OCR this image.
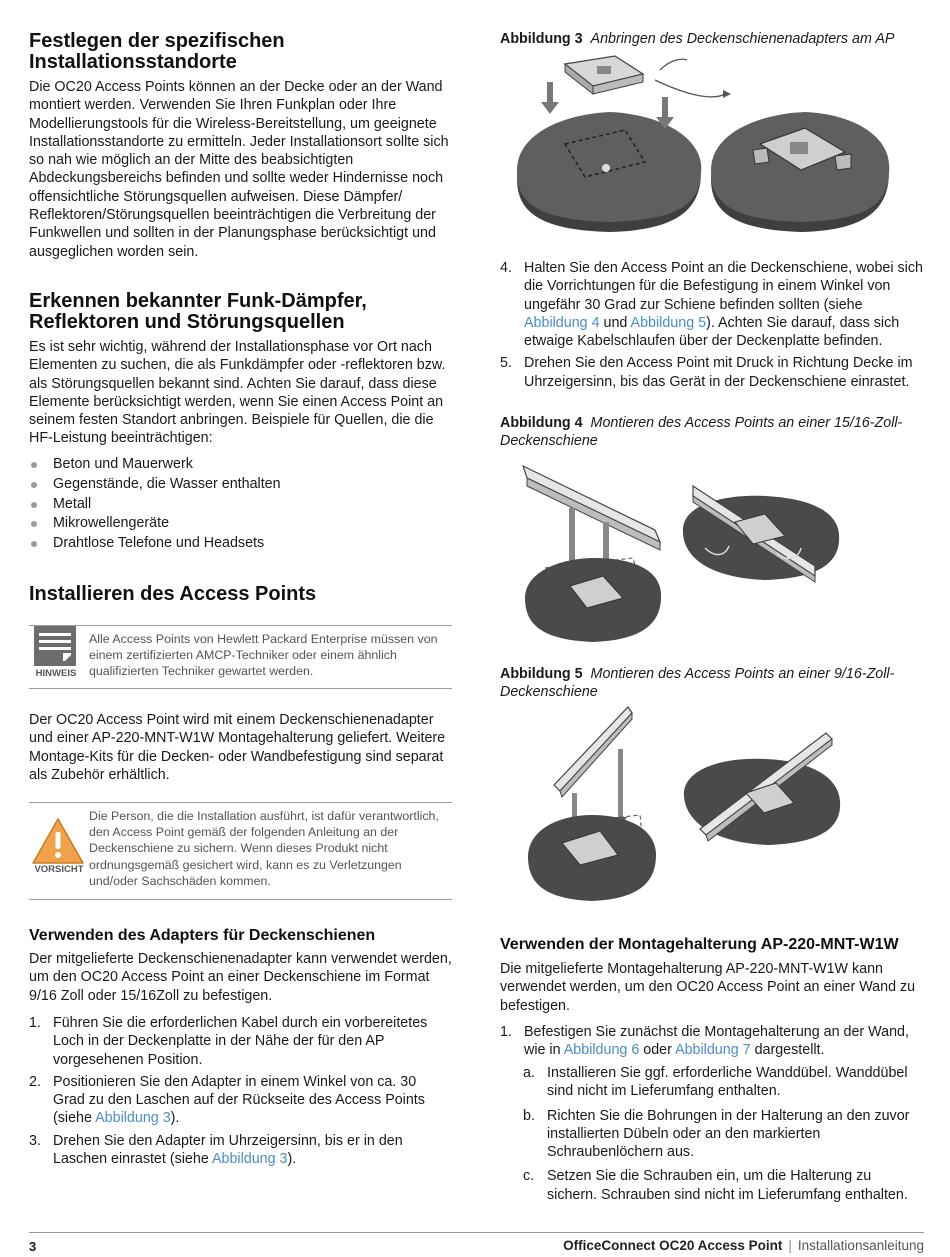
Festlegen der spezifischen Installationsstandorte

Die OC20 Access Points können an der Decke oder an der Wand montiert werden. Verwenden Sie Ihren Funkplan oder Ihre Modellierungstools für die Wireless-Bereitstellung, um geeignete Installationsstandorte zu ermitteln. Jeder Installationsort sollte sich so nah wie möglich an der Mitte des beabsichtigten Abdeckungsbereichs befinden und sollte weder Hindernisse noch offensichtliche Störungsquellen aufweisen. Diese Dämpfer/ Reflektoren/Störungsquellen beeinträchtigen die Verbreitung der Funkwellen und sollten in der Planungsphase berücksichtigt und ausgeglichen worden sein.

Erkennen bekannter Funk-Dämpfer, Reflektoren und Störungsquellen

Es ist sehr wichtig, während der Installationsphase vor Ort nach Elementen zu suchen, die als Funkdämpfer oder -reflektoren bzw. als Störungsquellen bekannt sind. Achten Sie darauf, dass diese Elemente berücksichtigt werden, wenn Sie einen Access Point an seinem festen Standort anbringen. Beispiele für Quellen, die die HF-Leistung beeinträchtigen:

Beton und Mauerwerk
Gegenstände, die Wasser enthalten
Metall
Mikrowellengeräte
Drahtlose Telefone und Headsets
Installieren des Access Points
HINWEIS
Alle Access Points von Hewlett Packard Enterprise müssen von einem zertifizierten AMCP-Techniker oder einem ähnlich qualifizierten Techniker gewartet werden.

Der OC20 Access Point wird mit einem Deckenschienenadapter und einer AP-220-MNT-W1W Montagehalterung geliefert. Weitere Montage-Kits für die Decken- oder Wandbefestigung sind separat als Zubehör erhältlich.

VORSICHT
Die Person, die die Installation ausführt, ist dafür verantwortlich, den Access Point gemäß der folgenden Anleitung an der Deckenschiene zu sichern. Wenn dieses Produkt nicht ordnungsgemäß gesichert wird, kann es zu Verletzungen und/oder Sachschäden kommen.
Verwenden des Adapters für Deckenschienen

Der mitgelieferte Deckenschienenadapter kann verwendet werden, um den OC20 Access Point an einer Deckenschiene im Format 9/16 Zoll oder 15/16Zoll zu befestigen.

1. Führen Sie die erforderlichen Kabel durch ein vorbereitetes Loch in der Deckenplatte in der Nähe der für den AP vorgesehenen Position.
2. Positionieren Sie den Adapter in einem Winkel von ca. 30 Grad zu den Laschen auf der Rückseite des Access Points (siehe Abbildung 3).
3. Drehen Sie den Adapter im Uhrzeigersinn, bis er in den Laschen einrastet (siehe Abbildung 3).
Abbildung 3 Anbringen des Deckenschienenadapters am AP
4. Halten Sie den Access Point an die Deckenschiene, wobei sich die Vorrichtungen für die Befestigung in einem Winkel von ungefähr 30 Grad zur Schiene befinden sollten (siehe Abbildung 4 und Abbildung 5). Achten Sie darauf, dass sich etwaige Kabelschlaufen über der Deckenplatte befinden.
5. Drehen Sie den Access Point mit Druck in Richtung Decke im Uhrzeigersinn, bis das Gerät in der Deckenschiene einrastet.
Abbildung 4 Montieren des Access Points an einer 15/16-Zoll-Deckenschiene
Abbildung 5 Montieren des Access Points an einer 9/16-Zoll-Deckenschiene
Verwenden der Montagehalterung AP-220-MNT-W1W

Die mitgelieferte Montagehalterung AP-220-MNT-W1W kann verwendet werden, um den OC20 Access Point an einer Wand zu befestigen.

1. Befestigen Sie zunächst die Montagehalterung an der Wand, wie in Abbildung 6 oder Abbildung 7 dargestellt.
a. Installieren Sie ggf. erforderliche Wanddübel. Wanddübel sind nicht im Lieferumfang enthalten.
b. Richten Sie die Bohrungen in der Halterung an den zuvor installierten Dübeln oder an den markierten Schraubenlöchern aus.
c. Setzen Sie die Schrauben ein, um die Halterung zu sichern. Schrauben sind nicht im Lieferumfang enthalten.
3	OfficeConnect OC20 Access Point | Installationsanleitung
